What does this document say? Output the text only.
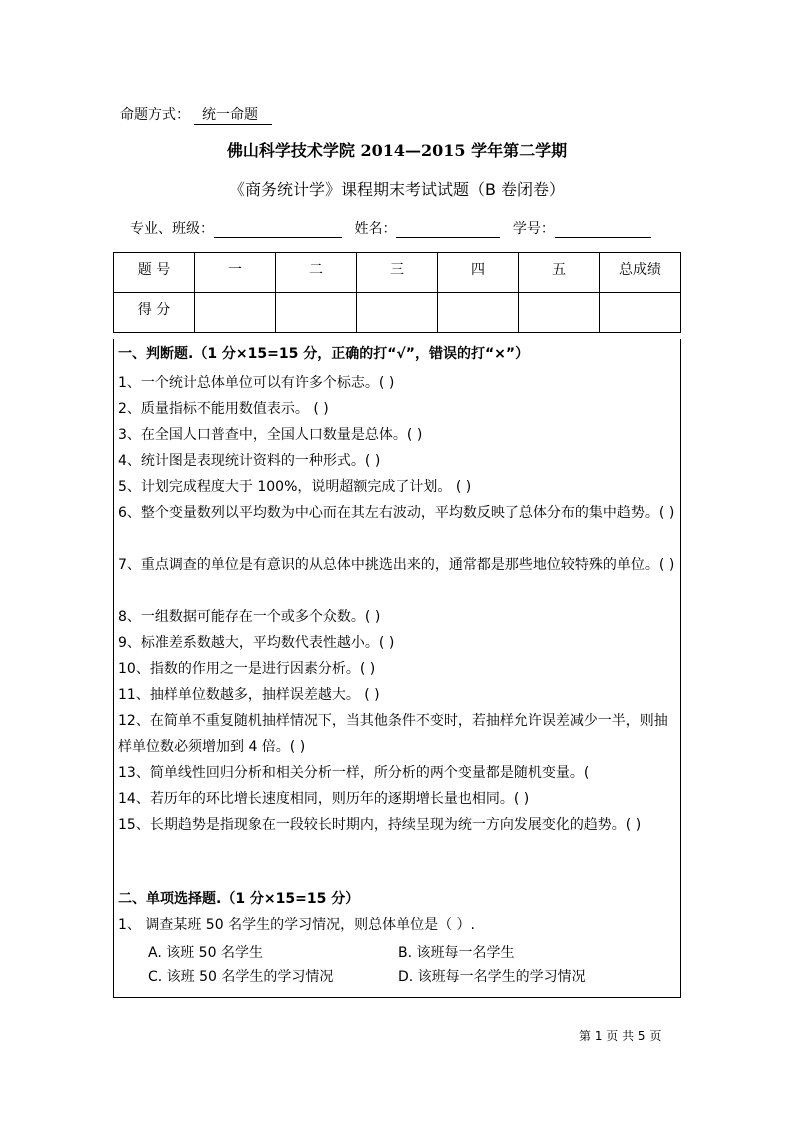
命题方式： 统一命题
佛山科学技术学院 2014—2015 学年第二学期
《商务统计学》课程期末考试试题（B 卷闭卷）
专业、班级：	姓名：	学号：
题 号	一	二	三	四	五	总成绩
得 分						
一、判断题.（1 分×15=15 分，正确的打“√”，错误的打“×”）
1、一个统计总体单位可以有许多个标志。( )
2、质量指标不能用数值表示。 ( )
3、在全国人口普查中，全国人口数量是总体。( )
4、统计图是表现统计资料的一种形式。( )
5、计划完成程度大于 100%，说明超额完成了计划。 ( )
6、整个变量数列以平均数为中心而在其左右波动，平均数反映了总体分布的集中趋势。( )
7、重点调查的单位是有意识的从总体中挑选出来的，通常都是那些地位较特殊的单位。( )
8、一组数据可能存在一个或多个众数。( )
9、标准差系数越大，平均数代表性越小。( )
10、指数的作用之一是进行因素分析。( )
11、抽样单位数越多，抽样误差越大。 ( )
12、在简单不重复随机抽样情况下，当其他条件不变时，若抽样允许误差减少一半，则抽样单位数必须增加到 4 倍。( )
13、简单线性回归分析和相关分析一样，所分析的两个变量都是随机变量。(
14、若历年的环比增长速度相同，则历年的逐期增长量也相同。( )
15、长期趋势是指现象在一段较长时期内，持续呈现为统一方向发展变化的趋势。( )
二、单项选择题.（1 分×15=15 分）
1、 调查某班 50 名学生的学习情况，则总体单位是（ ）.
A. 该班 50 名学生	B. 该班每一名学生
C. 该班 50 名学生的学习情况	D. 该班每一名学生的学习情况
第 1 页 共 5 页
